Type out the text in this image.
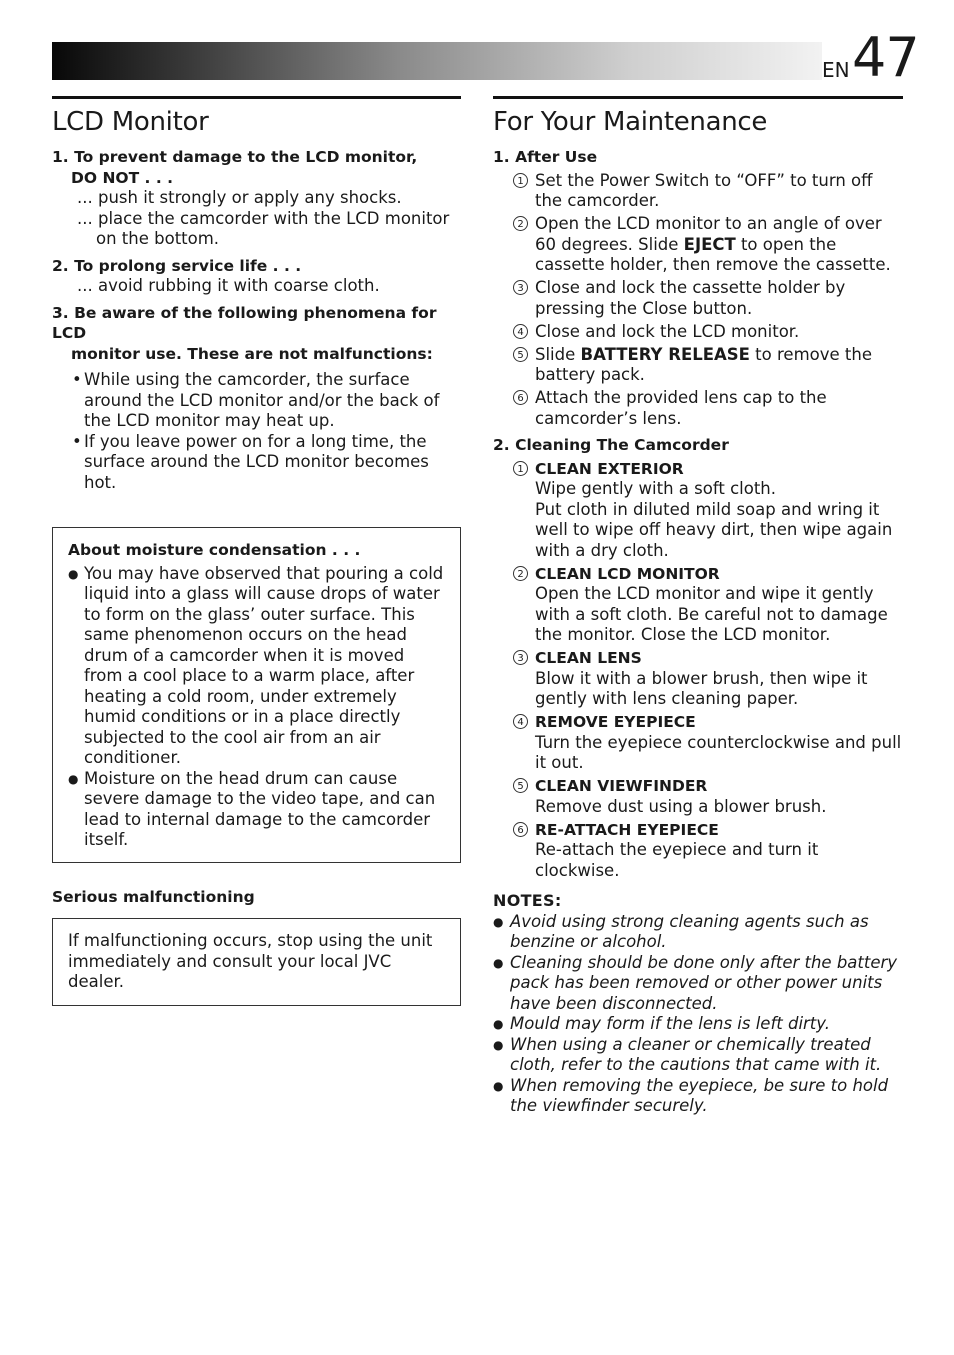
EN 47
LCD Monitor
1. To prevent damage to the LCD monitor,
DO NOT . . .
... push it strongly or apply any shocks.
... place the camcorder with the LCD monitor on the bottom.
2. To prolong service life . . .
... avoid rubbing it with coarse cloth.
3. Be aware of the following phenomena for LCD
monitor use. These are not malfunctions:
• While using the camcorder, the surface around the LCD monitor and/or the back of the LCD monitor may heat up.
• If you leave power on for a long time, the surface around the LCD monitor becomes hot.
About moisture condensation . . .
● You may have observed that pouring a cold liquid into a glass will cause drops of water to form on the glass’ outer surface. This same phenomenon occurs on the head drum of a camcorder when it is moved from a cool place to a warm place, after heating a cold room, under extremely humid conditions or in a place directly subjected to the cool air from an air conditioner.
● Moisture on the head drum can cause severe damage to the video tape, and can lead to internal damage to the camcorder itself.
Serious malfunctioning
If malfunctioning occurs, stop using the unit immediately and consult your local JVC dealer.
For Your Maintenance
1. After Use
1 Set the Power Switch to “OFF” to turn off the camcorder.
2 Open the LCD monitor to an angle of over 60 degrees. Slide EJECT to open the cassette holder, then remove the cassette.
3 Close and lock the cassette holder by pressing the Close button.
4 Close and lock the LCD monitor.
5 Slide BATTERY RELEASE to remove the battery pack.
6 Attach the provided lens cap to the camcorder’s lens.
2. Cleaning The Camcorder
1 CLEAN EXTERIOR
Wipe gently with a soft cloth.
Put cloth in diluted mild soap and wring it well to wipe off heavy dirt, then wipe again with a dry cloth.
2 CLEAN LCD MONITOR
Open the LCD monitor and wipe it gently with a soft cloth. Be careful not to damage the monitor. Close the LCD monitor.
3 CLEAN LENS
Blow it with a blower brush, then wipe it gently with lens cleaning paper.
4 REMOVE EYEPIECE
Turn the eyepiece counterclockwise and pull it out.
5 CLEAN VIEWFINDER
Remove dust using a blower brush.
6 RE-ATTACH EYEPIECE
Re-attach the eyepiece and turn it clockwise.
NOTES:
● Avoid using strong cleaning agents such as benzine or alcohol.
● Cleaning should be done only after the battery pack has been removed or other power units have been disconnected.
● Mould may form if the lens is left dirty.
● When using a cleaner or chemically treated cloth, refer to the cautions that came with it.
● When removing the eyepiece, be sure to hold the viewfinder securely.
